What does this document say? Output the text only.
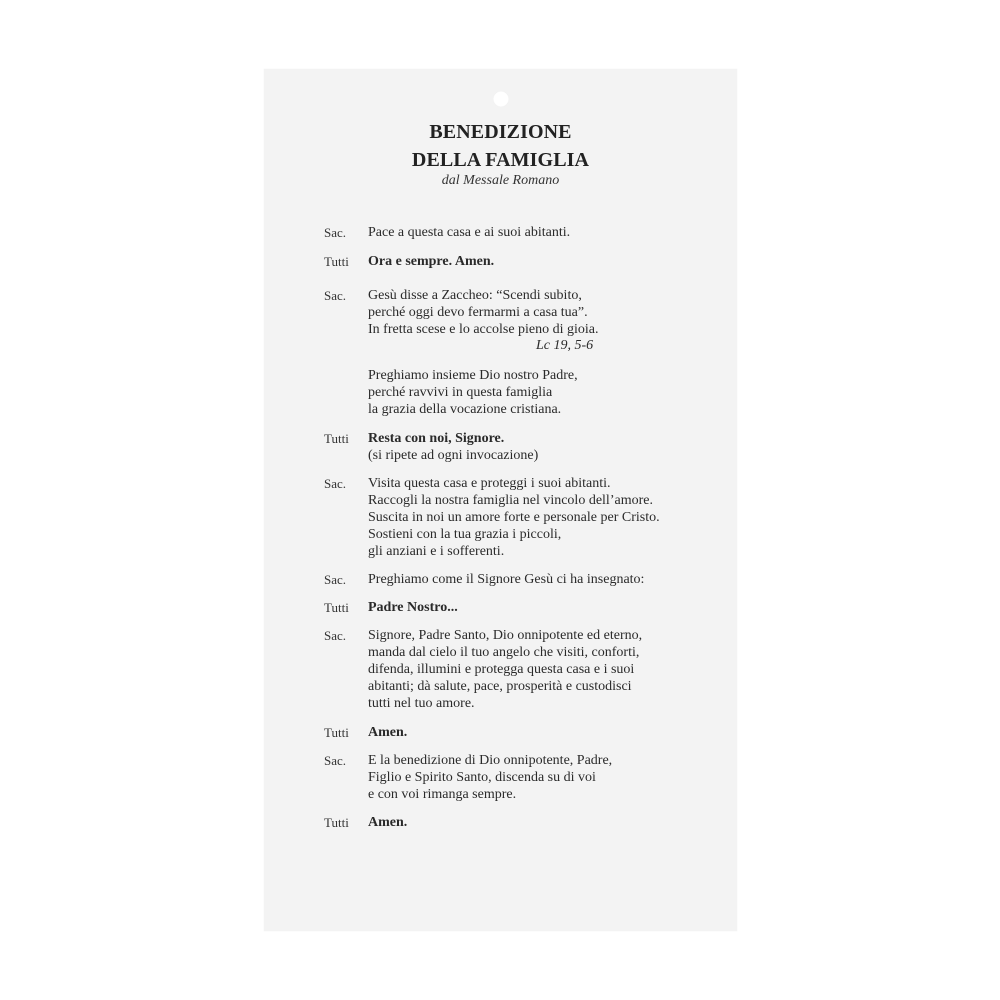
BENEDIZIONE
DELLA FAMIGLIA
dal Messale Romano
Sac. Pace a questa casa e ai suoi abitanti.
Tutti Ora e sempre. Amen.
Sac. Gesù disse a Zaccheo: “Scendi subito,
perché oggi devo fermarmi a casa tua”.
In fretta scese e lo accolse pieno di gioia.
Lc 19, 5-6
Preghiamo insieme Dio nostro Padre,
perché ravvivi in questa famiglia
la grazia della vocazione cristiana.
Tutti Resta con noi, Signore.
(si ripete ad ogni invocazione)
Sac. Visita questa casa e proteggi i suoi abitanti.
Raccogli la nostra famiglia nel vincolo dell’amore.
Suscita in noi un amore forte e personale per Cristo.
Sostieni con la tua grazia i piccoli,
gli anziani e i sofferenti.
Sac. Preghiamo come il Signore Gesù ci ha insegnato:
Tutti Padre Nostro...
Sac. Signore, Padre Santo, Dio onnipotente ed eterno,
manda dal cielo il tuo angelo che visiti, conforti,
difenda, illumini e protegga questa casa e i suoi
abitanti; dà salute, pace, prosperità e custodisci
tutti nel tuo amore.
Tutti Amen.
Sac. E la benedizione di Dio onnipotente, Padre,
Figlio e Spirito Santo, discenda su di voi
e con voi rimanga sempre.
Tutti Amen.
